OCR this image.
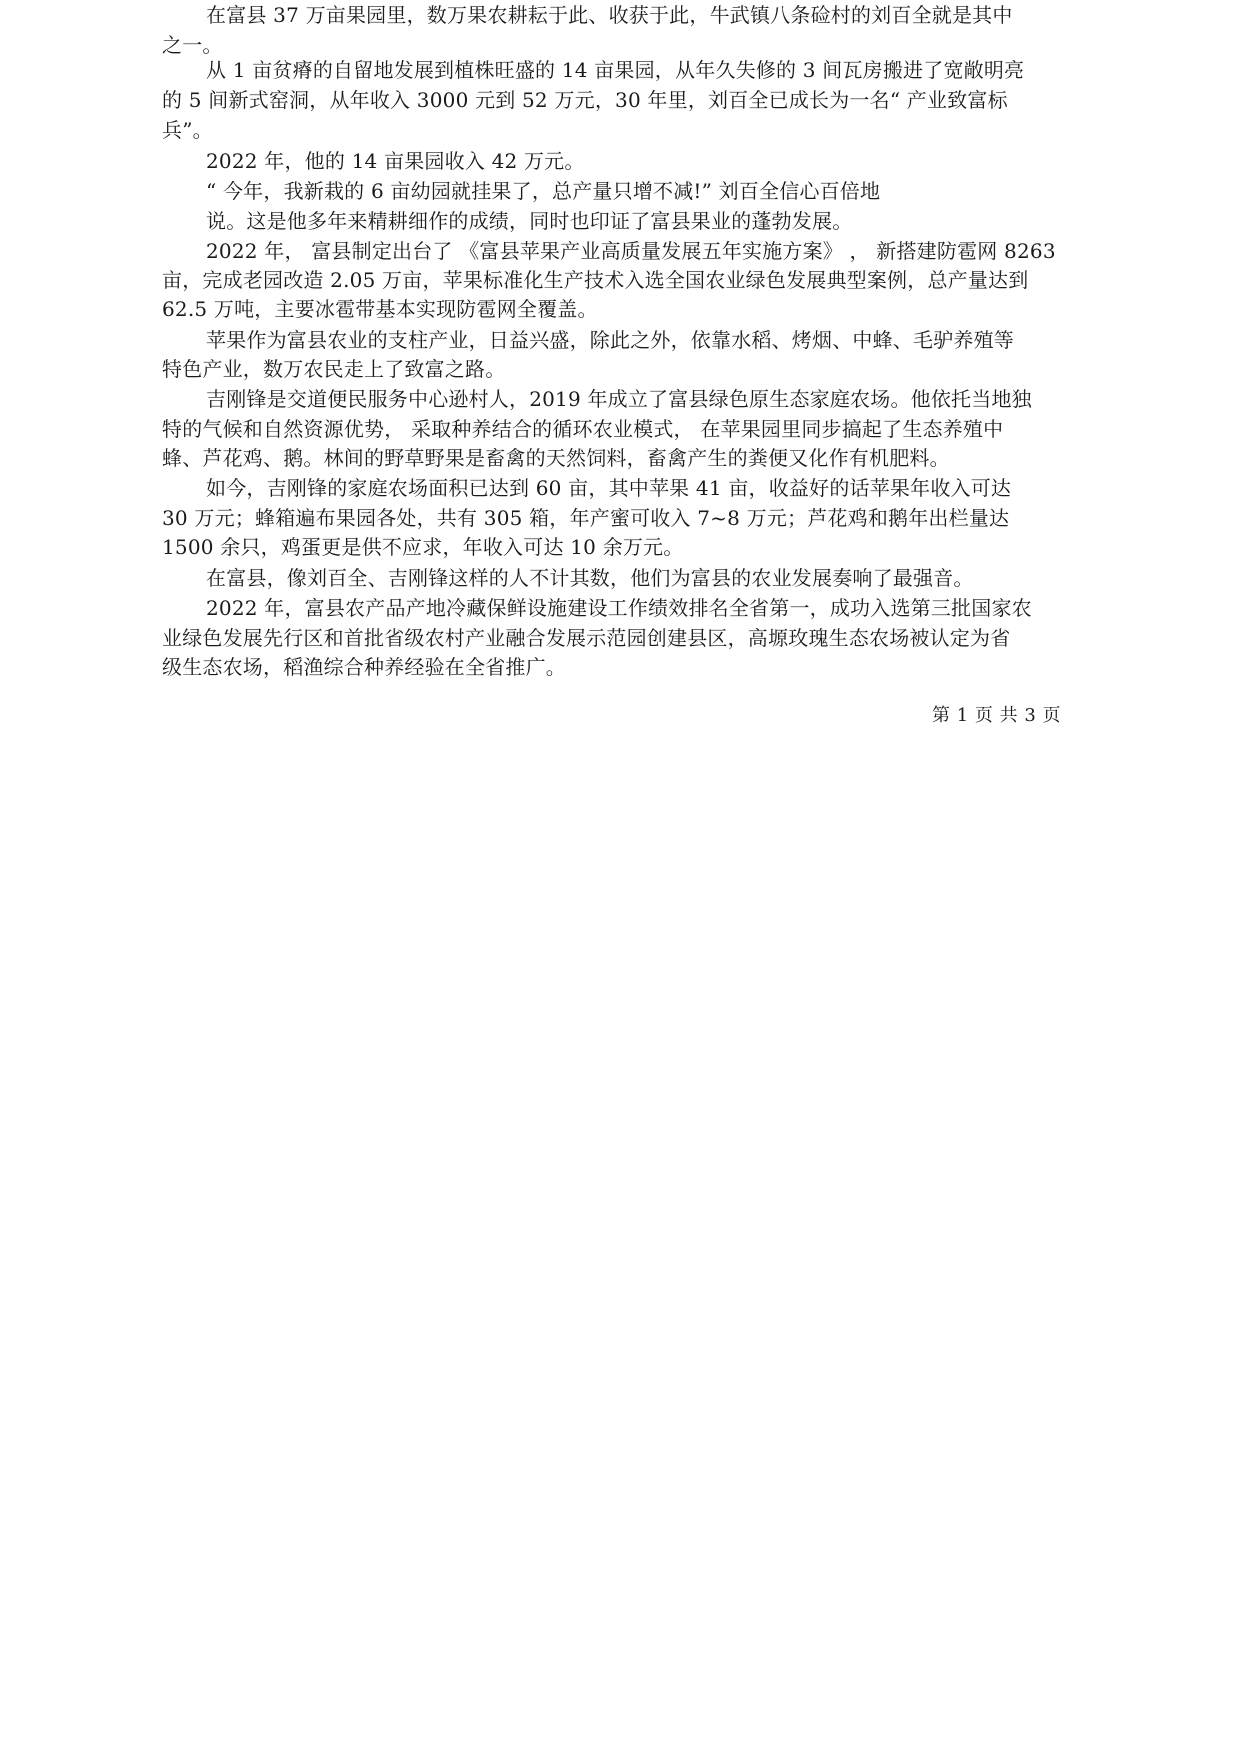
在富县 37 万亩果园里，数万果农耕耘于此、收获于此，牛武镇八条硷村的刘百全就是其中
之一。
从 1 亩贫瘠的自留地发展到植株旺盛的 14 亩果园，从年久失修的 3 间瓦房搬进了宽敞明亮
的 5 间新式窑洞，从年收入 3000 元到 52 万元，30 年里，刘百全已成长为一名“ 产业致富标
兵”。
2022 年，他的 14 亩果园收入 42 万元。
“ 今年，我新栽的 6 亩幼园就挂果了，总产量只增不减!” 刘百全信心百倍地
说。这是他多年来精耕细作的成绩，同时也印证了富县果业的蓬勃发展。
2022 年， 富县制定出台了 《富县苹果产业高质量发展五年实施方案》 ， 新搭建防雹网 8263
亩，完成老园改造 2.05 万亩，苹果标准化生产技术入选全国农业绿色发展典型案例，总产量达到
62.5 万吨，主要冰雹带基本实现防雹网全覆盖。
苹果作为富县农业的支柱产业，日益兴盛，除此之外，依靠水稻、烤烟、中蜂、毛驴养殖等
特色产业，数万农民走上了致富之路。
吉刚锋是交道便民服务中心逊村人，2019 年成立了富县绿色原生态家庭农场。他依托当地独
特的气候和自然资源优势， 采取种养结合的循环农业模式， 在苹果园里同步搞起了生态养殖中
蜂、芦花鸡、鹅。林间的野草野果是畜禽的天然饲料，畜禽产生的粪便又化作有机肥料。
如今，吉刚锋的家庭农场面积已达到 60 亩，其中苹果 41 亩，收益好的话苹果年收入可达
30 万元；蜂箱遍布果园各处，共有 305 箱，年产蜜可收入 7~8 万元；芦花鸡和鹅年出栏量达
1500 余只，鸡蛋更是供不应求，年收入可达 10 余万元。
在富县，像刘百全、吉刚锋这样的人不计其数，他们为富县的农业发展奏响了最强音。
2022 年，富县农产品产地冷藏保鲜设施建设工作绩效排名全省第一，成功入选第三批国家农
业绿色发展先行区和首批省级农村产业融合发展示范园创建县区，高塬玫瑰生态农场被认定为省
级生态农场，稻渔综合种养经验在全省推广。
第 1 页 共 3 页
